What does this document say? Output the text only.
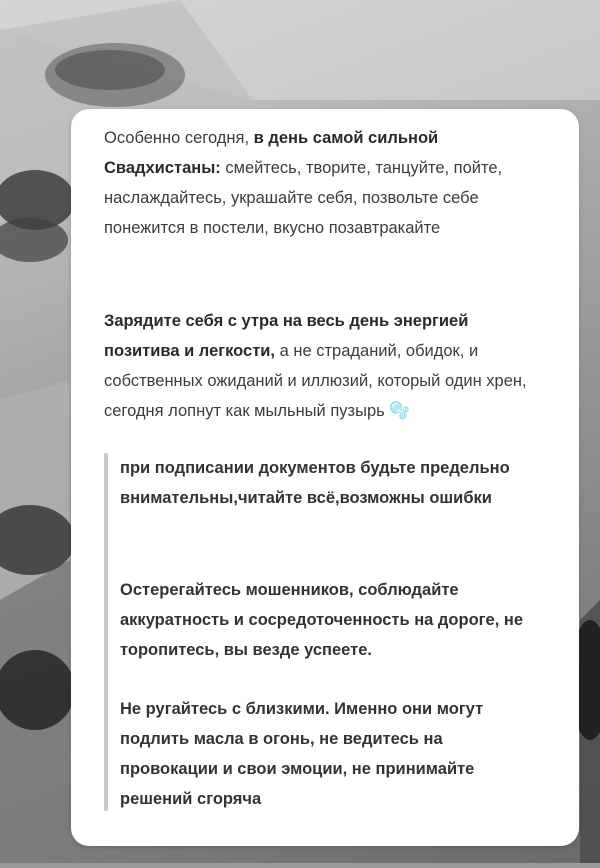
Особенно сегодня, в день самой сильной Свадхистаны: смейтесь, творите, танцуйте, пойте, наслаждайтесь, украшайте себя, позвольте себе понежится в постели, вкусно позавтракайте

Зарядите себя с утра на весь день энергией позитива и легкости, а не страданий, обидок, и собственных ожиданий и иллюзий, который один хрен, сегодня лопнут как мыльный пузырь 🫧

при подписании документов будьте предельно внимательны,читайте всё,возможны ошибки

Остерегайтесь мошенников, соблюдайте аккуратность и сосредоточенность на дороге, не торопитесь, вы везде успеете.

Не ругайтесь с близкими. Именно они могут подлить масла в огонь, не ведитесь на провокации и свои эмоции, не принимайте решений сгоряча
